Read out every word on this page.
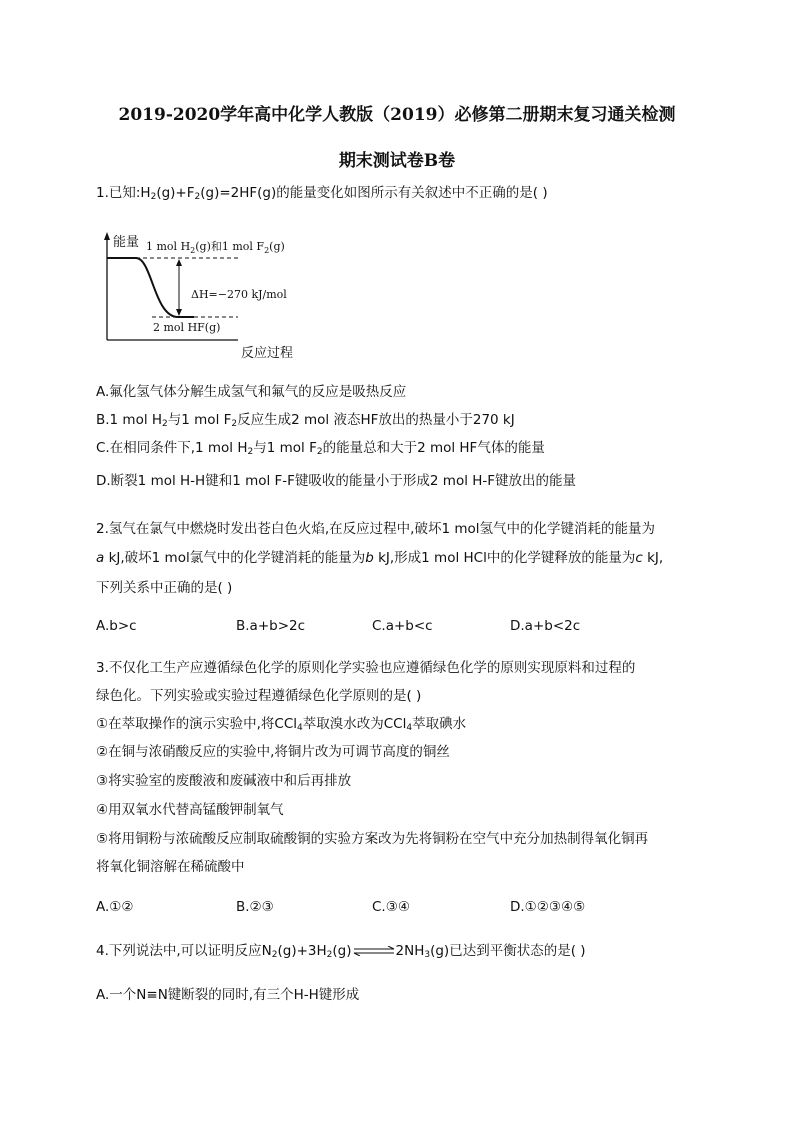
2019-2020学年高中化学人教版（2019）必修第二册期末复习通关检测
期末测试卷B卷
1.已知$:H_2(g)+F_2(g)=2HF(g)$的能量变化如图所示有关叙述中不正确的是( )
能量 1 mol $H_2(g)$和1 mol $F_2(g)$
ΔH=−270 kJ/mol
2 mol HF(g)
反应过程
A.氟化氢气体分解生成氢气和氟气的反应是吸热反应
B.1 mol $H_2$与1 mol $F_2$反应生成2 mol 液态HF放出的热量小于270 kJ
C.在相同条件下,1 mol $H_2$与1 mol $F_2$的能量总和大于2 mol HF气体的能量
D.断裂1 mol H-H键和1 mol F-F键吸收的能量小于形成2 mol H-F键放出的能量
2.氢气在氯气中燃烧时发出苍白色火焰,在反应过程中,破坏1 mol氢气中的化学键消耗的能量为
a kJ,破坏1 mol氯气中的化学键消耗的能量为b kJ,形成1 mol HCl中的化学键释放的能量为c kJ,
下列关系中正确的是( )
A.b>c	B.a+b>2c	C.a+b<c	D.a+b<2c
3.不仅化工生产应遵循绿色化学的原则化学实验也应遵循绿色化学的原则实现原料和过程的
绿色化。下列实验或实验过程遵循绿色化学原则的是( )
①在萃取操作的演示实验中,将CCl$_4$萃取溴水改为CCl$_4$萃取碘水
②在铜与浓硝酸反应的实验中,将铜片改为可调节高度的铜丝
③将实验室的废酸液和废碱液中和后再排放
④用双氧水代替高锰酸钾制氧气
⑤将用铜粉与浓硫酸反应制取硫酸铜的实验方案改为先将铜粉在空气中充分加热制得氧化铜再
将氧化铜溶解在稀硫酸中
A.①②	B.②③	C.③④	D.①②③④⑤
4.下列说法中,可以证明反应$N_2(g)+3H_2(g)\rightleftharpoons 2NH_3(g)$已达到平衡状态的是( )
A.一个N≡N键断裂的同时,有三个H-H键形成
